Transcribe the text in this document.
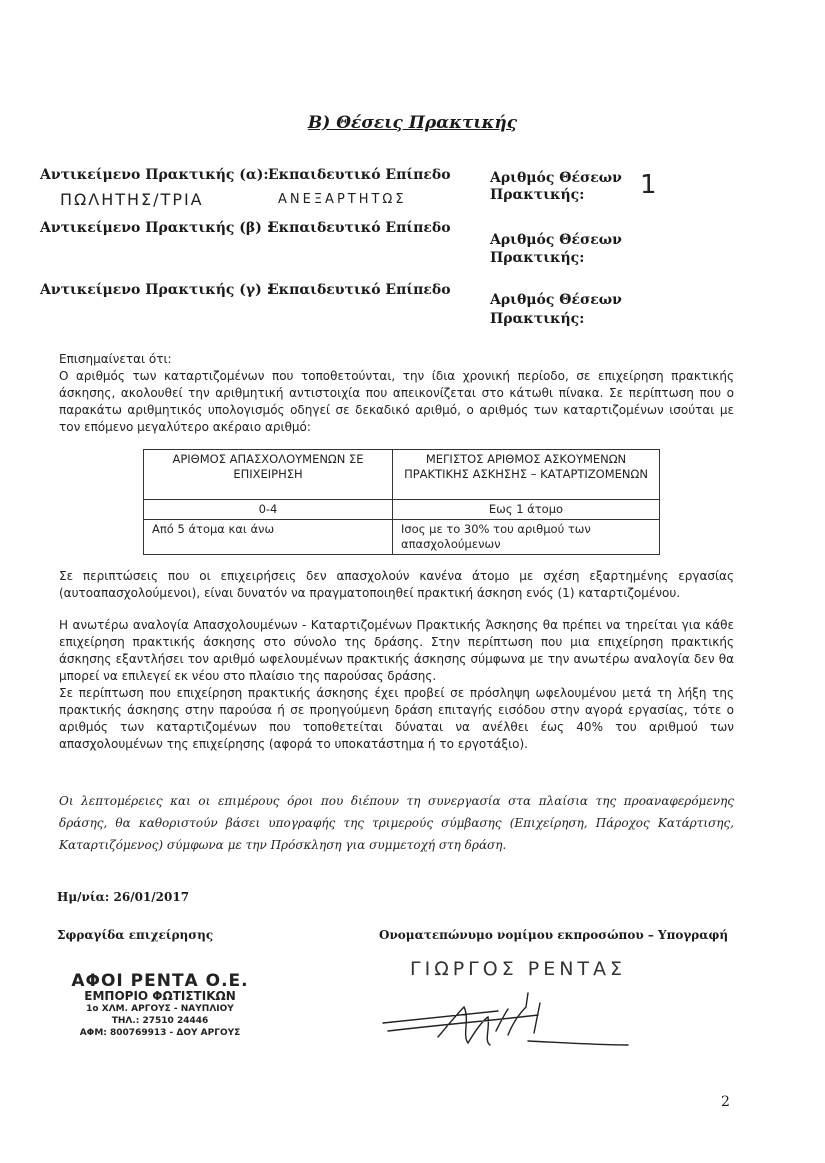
Β) Θέσεις Πρακτικής
Αντικείμενο Πρακτικής (α):
ΠΩΛΗΤΗΣ/ΤΡΙΑ
Εκπαιδευτικό Επίπεδο
ΑΝΕΞΑΡΤΗΤΩΣ
Αριθμός Θέσεων
Πρακτικής: 1
Αντικείμενο Πρακτικής (β) :
Εκπαιδευτικό Επίπεδο
Αριθμός Θέσεων
Πρακτικής:
Αντικείμενο Πρακτικής (γ) :
Εκπαιδευτικό Επίπεδο
Αριθμός Θέσεων
Πρακτικής:
Επισημαίνεται ότι:
Ο αριθμός των καταρτιζομένων που τοποθετούνται, την ίδια χρονική περίοδο, σε επιχείρηση πρακτικής άσκησης, ακολουθεί την αριθμητική αντιστοιχία που απεικονίζεται στο κάτωθι πίνακα. Σε περίπτωση που ο παρακάτω αριθμητικός υπολογισμός οδηγεί σε δεκαδικό αριθμό, ο αριθμός των καταρτιζομένων ισούται με τον επόμενο μεγαλύτερο ακέραιο αριθμό:
ΑΡΙΘΜΟΣ ΑΠΑΣΧΟΛΟΥΜΕΝΩΝ ΣΕ ΕΠΙΧΕΙΡΗΣΗ	ΜΕΓΙΣΤΟΣ ΑΡΙΘΜΟΣ ΑΣΚΟΥΜΕΝΩΝ ΠΡΑΚΤΙΚΗΣ ΑΣΚΗΣΗΣ – ΚΑΤΑΡΤΙΖΟΜΕΝΩΝ
0-4	Εως 1 άτομο
Από 5 άτομα και άνω	Ισος με το 30% του αριθμού των απασχολούμενων
Σε περιπτώσεις που οι επιχειρήσεις δεν απασχολούν κανένα άτομο με σχέση εξαρτημένης εργασίας (αυτοαπασχολούμενοι), είναι δυνατόν να πραγματοποιηθεί πρακτική άσκηση ενός (1) καταρτιζομένου.
Η ανωτέρω αναλογία Απασχολουμένων - Καταρτιζομένων Πρακτικής Άσκησης θα πρέπει να τηρείται για κάθε επιχείρηση πρακτικής άσκησης στο σύνολο της δράσης. Στην περίπτωση που μια επιχείρηση πρακτικής άσκησης εξαντλήσει τον αριθμό ωφελουμένων πρακτικής άσκησης σύμφωνα με την ανωτέρω αναλογία δεν θα μπορεί να επιλεγεί εκ νέου στο πλαίσιο της παρούσας δράσης.
Σε περίπτωση που επιχείρηση πρακτικής άσκησης έχει προβεί σε πρόσληψη ωφελουμένου μετά τη λήξη της πρακτικής άσκησης στην παρούσα ή σε προηγούμενη δράση επιταγής εισόδου στην αγορά εργασίας, τότε ο αριθμός των καταρτιζομένων που τοποθετείται δύναται να ανέλθει έως 40% του αριθμού των απασχολουμένων της επιχείρησης (αφορά το υποκατάστημα ή το εργοτάξιο).
Οι λεπτομέρειες και οι επιμέρους όροι που διέπουν τη συνεργασία στα πλαίσια της προαναφερόμενης δράσης, θα καθοριστούν βάσει υπογραφής της τριμερούς σύμβασης (Επιχείρηση, Πάροχος Κατάρτισης, Καταρτιζόμενος) σύμφωνα με την Πρόσκληση για συμμετοχή στη δράση.
Ημ/νία: 26/01/2017
Σφραγίδα επιχείρησης	Ονοματεπώνυμο νομίμου εκπροσώπου – Υπογραφή
ΓΙΩΡΓΟΣ ΡΕΝΤΑΣ
ΑΦΟΙ ΡΕΝΤΑ Ο.Ε.
ΕΜΠΟΡΙΟ ΦΩΤΙΣΤΙΚΩΝ
1ο ΧΛΜ. ΑΡΓΟΥΣ - ΝΑΥΠΛΙΟΥ
ΤΗΛ.: 27510 24446
ΑΦΜ: 800769913 - ΔΟΥ ΑΡΓΟΥΣ
2
